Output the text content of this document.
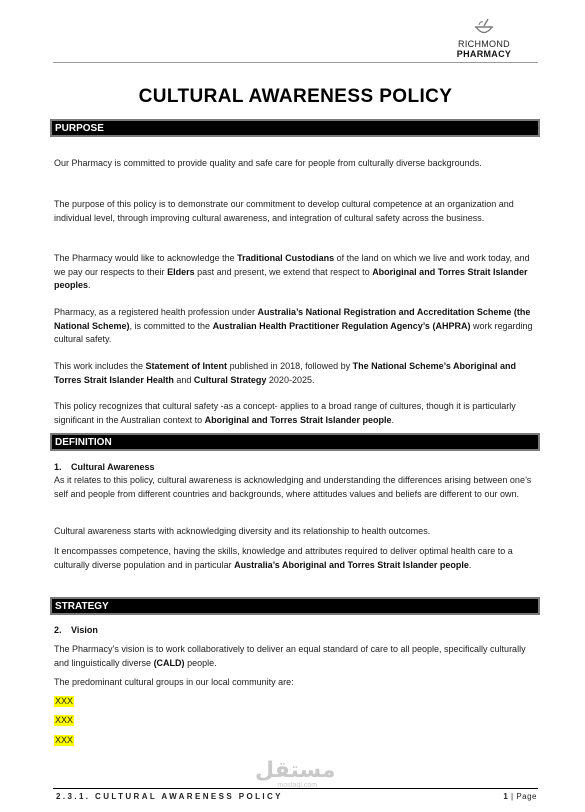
RICHMOND
PHARMACY
CULTURAL AWARENESS POLICY
PURPOSE
Our Pharmacy is committed to provide quality and safe care for people from culturally diverse backgrounds.
The purpose of this policy is to demonstrate our commitment to develop cultural competence at an organization and individual level, through improving cultural awareness, and integration of cultural safety across the business.
The Pharmacy would like to acknowledge the Traditional Custodians of the land on which we live and work today, and we pay our respects to their Elders past and present, we extend that respect to Aboriginal and Torres Strait Islander peoples.
Pharmacy, as a registered health profession under Australia’s National Registration and Accreditation Scheme (the National Scheme), is committed to the Australian Health Practitioner Regulation Agency’s (AHPRA) work regarding cultural safety.
This work includes the Statement of Intent published in 2018, followed by The National Scheme’s Aboriginal and Torres Strait Islander Health and Cultural Strategy 2020-2025.
This policy recognizes that cultural safety -as a concept- applies to a broad range of cultures, though it is particularly significant in the Australian context to Aboriginal and Torres Strait Islander people.
DEFINITION
1. Cultural Awareness
As it relates to this policy, cultural awareness is acknowledging and understanding the differences arising between one’s self and people from different countries and backgrounds, where attitudes values and beliefs are different to our own.
Cultural awareness starts with acknowledging diversity and its relationship to health outcomes.
It encompasses competence, having the skills, knowledge and attributes required to deliver optimal health care to a culturally diverse population and in particular Australia’s Aboriginal and Torres Strait Islander people.
STRATEGY
2. Vision
The Pharmacy’s vision is to work collaboratively to deliver an equal standard of care to all people, specifically culturally and linguistically diverse (CALD) people.
The predominant cultural groups in our local community are:
XXX
XXX
XXX
مستقل
mostaql.com
2.3.1. CULTURAL AWARENESS POLICY	1 | Page
